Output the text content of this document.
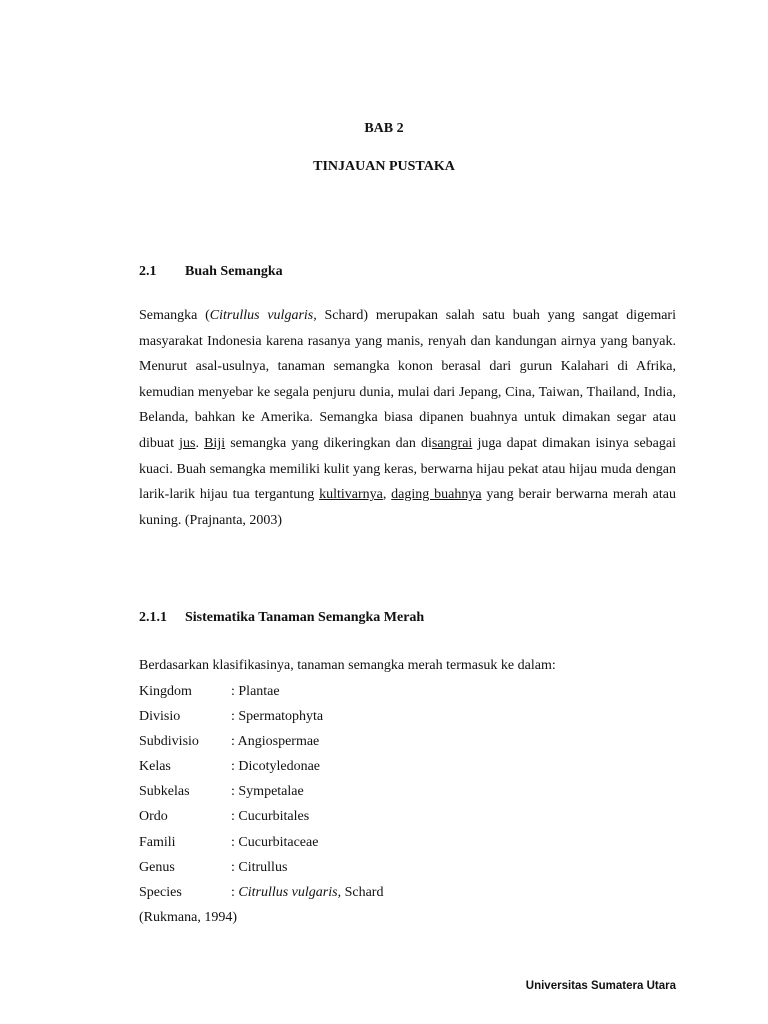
BAB 2
TINJAUAN PUSTAKA
2.1 Buah Semangka
Semangka (Citrullus vulgaris, Schard) merupakan salah satu buah yang sangat digemari masyarakat Indonesia karena rasanya yang manis, renyah dan kandungan airnya yang banyak. Menurut asal-usulnya, tanaman semangka konon berasal dari gurun Kalahari di Afrika, kemudian menyebar ke segala penjuru dunia, mulai dari Jepang, Cina, Taiwan, Thailand, India, Belanda, bahkan ke Amerika. Semangka biasa dipanen buahnya untuk dimakan segar atau dibuat jus. Biji semangka yang dikeringkan dan disangrai juga dapat dimakan isinya sebagai kuaci. Buah semangka memiliki kulit yang keras, berwarna hijau pekat atau hijau muda dengan larik-larik hijau tua tergantung kultivarnya, daging buahnya yang berair berwarna merah atau kuning. (Prajnanta, 2003)
2.1.1 Sistematika Tanaman Semangka Merah
Berdasarkan klasifikasinya, tanaman semangka merah termasuk ke dalam:
Kingdom	: Plantae
Divisio	: Spermatophyta
Subdivisio : Angiospermae
Kelas	: Dicotyledonae
Subkelas	: Sympetalae
Ordo	: Cucurbitales
Famili	: Cucurbitaceae
Genus	: Citrullus
Species	: Citrullus vulgaris, Schard
(Rukmana, 1994)
Universitas Sumatera Utara
